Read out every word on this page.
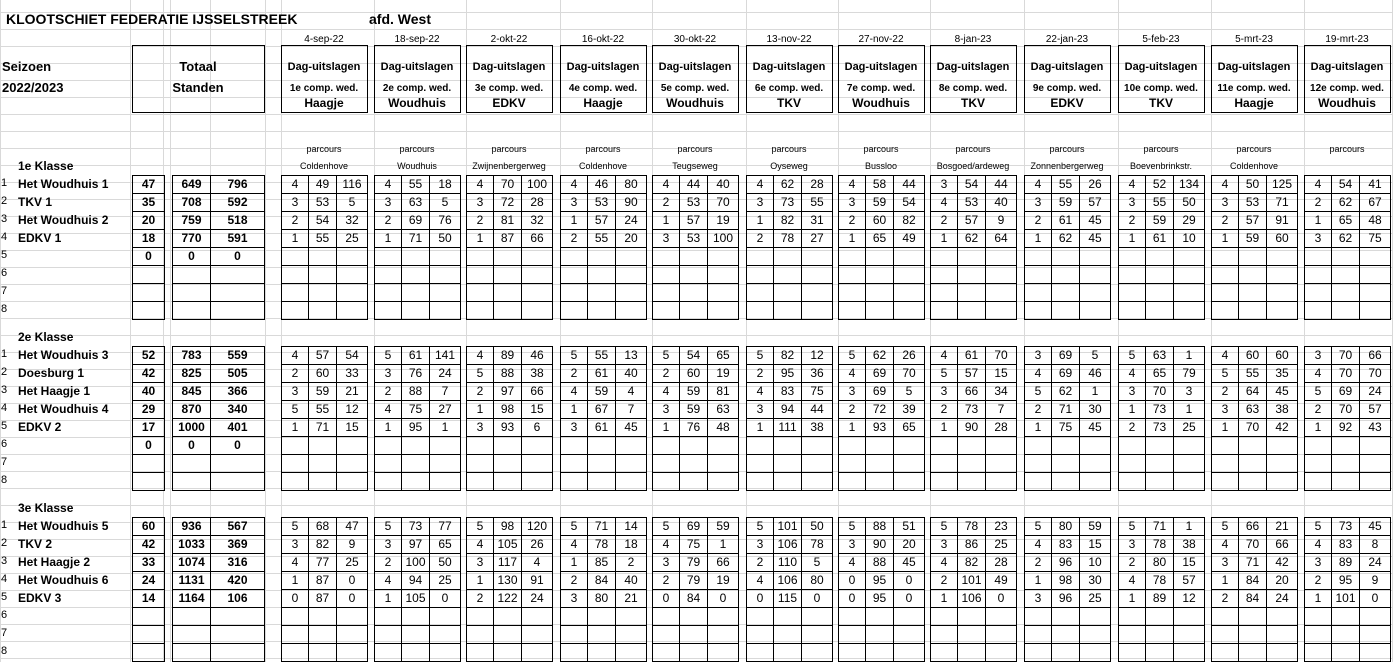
KLOOTSCHIET FEDERATIE IJSSELSTREEK	afd. West
Seizoen
2022/2023
Totaal
Standen
4-sep-22
Dag-uitslagen
1e comp. wed.
Haagje
parcours
Coldenhove
18-sep-22
Dag-uitslagen
2e comp. wed.
Woudhuis
parcours
Woudhuis
2-okt-22
Dag-uitslagen
3e comp. wed.
EDKV
parcours
Zwijnenbergerweg
16-okt-22
Dag-uitslagen
4e comp. wed.
Haagje
parcours
Coldenhove
30-okt-22
Dag-uitslagen
5e comp. wed.
Woudhuis
parcours
Teugseweg
13-nov-22
Dag-uitslagen
6e comp. wed.
TKV
parcours
Oyseweg
27-nov-22
Dag-uitslagen
7e comp. wed.
Woudhuis
parcours
Bussloo
8-jan-23
Dag-uitslagen
8e comp. wed.
TKV
parcours
Bosgoed/ardeweg
22-jan-23
Dag-uitslagen
9e comp. wed.
EDKV
parcours
Zonnenbergerweg
5-feb-23
Dag-uitslagen
10e comp. wed.
TKV
parcours
Boevenbrinkstr.
5-mrt-23
Dag-uitslagen
11e comp. wed.
Haagje
parcours
Coldenhove
19-mrt-23
Dag-uitslagen
12e comp. wed.
Woudhuis
parcours
1e Klasse
1 Het Woudhuis 1	47	649	796	4	49	116	4	55	18	4	70	100	4	46	80	4	44	40	4	62	28	4	58	44	3	54	44	4	55	26	4	52	134	4	50	125	4	54	41
2 TKV 1	35	708	592	3	53	5	3	63	5	3	72	28	3	53	90	2	53	70	3	73	55	3	59	54	4	53	40	3	59	57	3	55	50	3	53	71	2	62	67
3 Het Woudhuis 2	20	759	518	2	54	32	2	69	76	2	81	32	1	57	24	1	57	19	1	82	31	2	60	82	2	57	9	2	61	45	2	59	29	2	57	91	1	65	48
4 EDKV 1	18	770	591	1	55	25	1	71	50	1	87	66	2	55	20	3	53	100	2	78	27	1	65	49	1	62	64	1	62	45	1	61	10	1	59	60	3	62	75
5	0	0	0
6
7
8
2e Klasse
1 Het Woudhuis 3	52	783	559	4	57	54	5	61	141	4	89	46	5	55	13	5	54	65	5	82	12	5	62	26	4	61	70	3	69	5	5	63	1	4	60	60	3	70	66
2 Doesburg 1	42	825	505	2	60	33	3	76	24	5	88	38	2	61	40	2	60	19	2	95	36	4	69	70	5	57	15	4	69	46	4	65	79	5	55	35	4	70	70
3 Het Haagje 1	40	845	366	3	59	21	2	88	7	2	97	66	4	59	4	4	59	81	4	83	75	3	69	5	3	66	34	5	62	1	3	70	3	2	64	45	5	69	24
4 Het Woudhuis 4	29	870	340	5	55	12	4	75	27	1	98	15	1	67	7	3	59	63	3	94	44	2	72	39	2	73	7	2	71	30	1	73	1	3	63	38	2	70	57
5 EDKV 2	17	1000	401	1	71	15	1	95	1	3	93	6	3	61	45	1	76	48	1	111	38	1	93	65	1	90	28	1	75	45	2	73	25	1	70	42	1	92	43
6	0	0	0
7
8
3e Klasse
1 Het Woudhuis 5	60	936	567	5	68	47	5	73	77	5	98	120	5	71	14	5	69	59	5	101	50	5	88	51	5	78	23	5	80	59	5	71	1	5	66	21	5	73	45
2 TKV 2	42	1033	369	3	82	9	3	97	65	4	105	26	4	78	18	4	75	1	3	106	78	3	90	20	3	86	25	4	83	15	3	78	38	4	70	66	4	83	8
3 Het Haagje 2	33	1074	316	4	77	25	2	100	50	3	117	4	1	85	2	3	79	66	2	110	5	4	88	45	4	82	28	2	96	10	2	80	15	3	71	42	3	89	24
4 Het Woudhuis 6	24	1131	420	1	87	0	4	94	25	1	130	91	2	84	40	2	79	19	4	106	80	0	95	0	2	101	49	1	98	30	4	78	57	1	84	20	2	95	9
5 EDKV 3	14	1164	106	0	87	0	1	105	0	2	122	24	3	80	21	0	84	0	0	115	0	0	95	0	1	106	0	3	96	25	1	89	12	2	84	24	1	101	0
6
7
8
